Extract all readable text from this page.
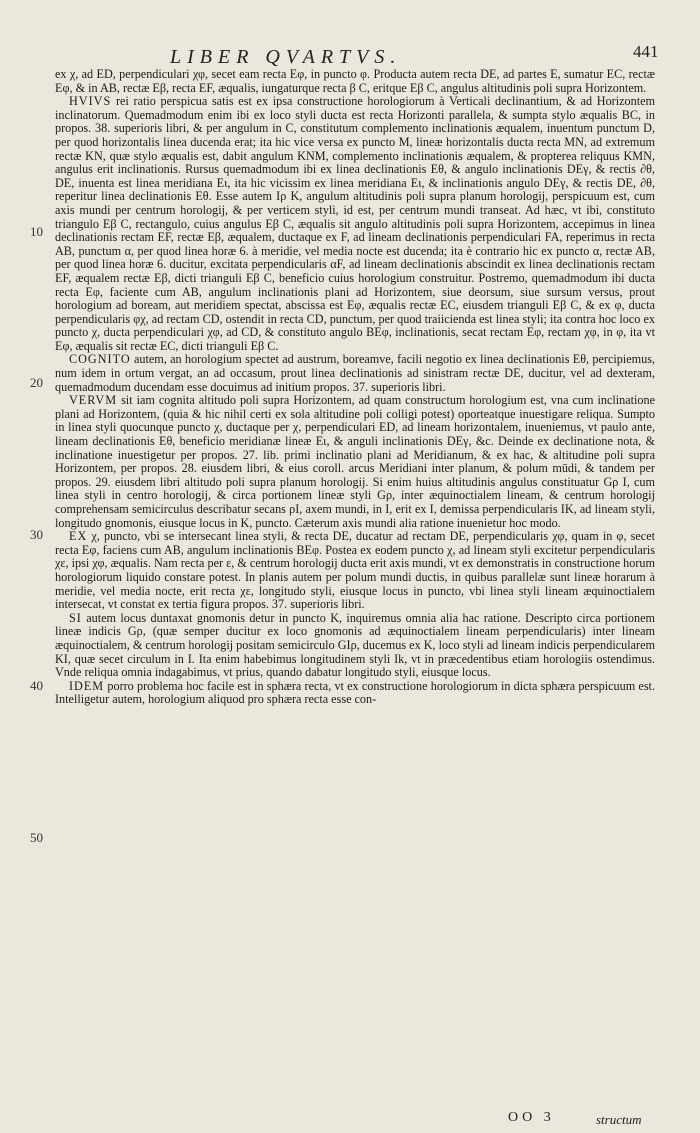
LIBER QVARTVS.	441
10
20
30
40
50

ex χ, ad ED, perpendiculari χφ, secet eam recta Eφ, in puncto φ. Producta autem recta DE, ad partes E, sumatur EC, rectæ Eφ, & in AB, rectæ Eβ, recta EF, æqualis, iungaturque recta β C, eritque Eβ C, angulus altitudinis poli supra Horizontem.

HVIVS rei ratio perspicua satis est ex ipsa constructione horologiorum à Verticali declinantium, & ad Horizontem inclinatorum. Quemadmodum enim ibi ex loco styli ducta est recta Horizonti parallela, & sumpta stylo æqualis BC, in propos. 38. superioris libri, & per angulum in C, constitutum complemento inclinationis æqualem, inuentum punctum D, per quod horizontalis linea ducenda erat; ita hic vice versa ex puncto M, lineæ horizontalis ducta recta MN, ad extremum rectæ KN, quæ stylo æqualis est, dabit angulum KNM, complemento inclinationis æqualem, & propterea reliquus KMN, angulus erit inclinationis. Rursus quemadmodum ibi ex linea declinationis Eθ, & angulo inclinationis DEγ, & rectis ∂θ, DE, inuenta est linea meridiana Eι, ita hic vicissim ex linea meridiana Eι, & inclinationis angulo DEγ, & rectis DE, ∂θ, reperitur linea declinationis Eθ. Esse autem Iρ K, angulum altitudinis poli supra planum horologij, perspicuum est, cum axis mundi per centrum horologij, & per verticem styli, id est, per centrum mundi transeat. Ad hæc, vt ibi, constituto triangulo Eβ C, rectangulo, cuius angulus Eβ C, æqualis sit angulo altitudinis poli supra Horizontem, accepimus in linea declinationis rectam EF, rectæ Eβ, æqualem, ductaque ex F, ad lineam declinationis perpendiculari FA, reperimus in recta AB, punctum α, per quod linea horæ 6. à meridie, vel media nocte est ducenda; ita è contrario hic ex puncto α, rectæ AB, per quod linea horæ 6. ducitur, excitata perpendicularis αF, ad lineam declinationis abscindit ex linea declinationis rectam EF, æqualem rectæ Eβ, dicti trianguli Eβ C, beneficio cuius horologium construitur. Postremo, quemadmodum ibi ducta recta Eφ, faciente cum AB, angulum inclinationis plani ad Horizontem, siue deorsum, siue sursum versus, prout horologium ad boream, aut meridiem spectat, abscissa est Eφ, æqualis rectæ EC, eiusdem trianguli Eβ C, & ex φ, ducta perpendicularis φχ, ad rectam CD, ostendit in recta CD, punctum, per quod traiicienda est linea styli; ita contra hoc loco ex puncto χ, ducta perpendiculari χφ, ad CD, & constituto angulo BEφ, inclinationis, secat rectam Eφ, rectam χφ, in φ, ita vt Eφ, æqualis sit rectæ EC, dicti trianguli Eβ C.

COGNITO autem, an horologium spectet ad austrum, boreamve, facili negotio ex linea declinationis Eθ, percipiemus, num idem in ortum vergat, an ad occasum, prout linea declinationis ad sinistram rectæ DE, ducitur, vel ad dexteram, quemadmodum ducendam esse docuimus ad initium propos. 37. superioris libri.

VERVM sit iam cognita altitudo poli supra Horizontem, ad quam constructum horologium est, vna cum inclinatione plani ad Horizontem, (quia & hic nihil certi ex sola altitudine poli colligi potest) oporteatque inuestigare reliqua. Sumpto in linea styli quocunque puncto χ, ductaque per χ, perpendiculari ED, ad lineam horizontalem, inueniemus, vt paulo ante, lineam declinationis Eθ, beneficio meridianæ lineæ Eι, & anguli inclinationis DEγ, &c. Deinde ex declinatione nota, & inclinatione inuestigetur per propos. 27. lib. primi inclinatio plani ad Meridianum, & ex hac, & altitudine poli supra Horizontem, per propos. 28. eiusdem libri, & eius coroll. arcus Meridiani inter planum, & polum mūdi, & tandem per propos. 29. eiusdem libri altitudo poli supra planum horologij. Si enim huius altitudinis angulus constituatur Gρ I, cum linea styli in centro horologij, & circa portionem lineæ styli Gρ, inter æquinoctialem lineam, & centrum horologij comprehensam semicirculus describatur secans ρI, axem mundi, in I, erit ex I, demissa perpendicularis IK, ad lineam styli, longitudo gnomonis, eiusque locus in K, puncto. Cæterum axis mundi alia ratione inuenietur hoc modo.

EX χ, puncto, vbi se intersecant linea styli, & recta DE, ducatur ad rectam DE, perpendicularis χφ, quam in φ, secet recta Eφ, faciens cum AB, angulum inclinationis BEφ. Postea ex eodem puncto χ, ad lineam styli excitetur perpendicularis χε, ipsi χφ, æqualis. Nam recta per ε, & centrum horologij ducta erit axis mundi, vt ex demonstratis in constructione horum horologiorum liquido constare potest. In planis autem per polum mundi ductis, in quibus parallelæ sunt lineæ horarum à meridie, vel media nocte, erit recta χε, longitudo styli, eiusque locus in puncto, vbi linea styli lineam æquinoctialem intersecat, vt constat ex tertia figura propos. 37. superioris libri.

SI autem locus duntaxat gnomonis detur in puncto K, inquiremus omnia alia hac ratione. Descripto circa portionem lineæ indicis Gρ, (quæ semper ducitur ex loco gnomonis ad æquinoctialem lineam perpendicularis) inter lineam æquinoctialem, & centrum horologij positam semicirculo GIρ, ducemus ex K, loco styli ad lineam indicis perpendicularem KI, quæ secet circulum in I. Ita enim habebimus longitudinem styli Ik, vt in præcedentibus etiam horologiis ostendimus. Vnde reliqua omnia indagabimus, vt prius, quando dabatur longitudo styli, eiusque locus.

IDEM porro problema hoc facile est in sphæra recta, vt ex constructione horologiorum in dicta sphæra perspicuum est. Intelligetur autem, horologium aliquod pro sphæra recta esse con-

OO 3	structum
